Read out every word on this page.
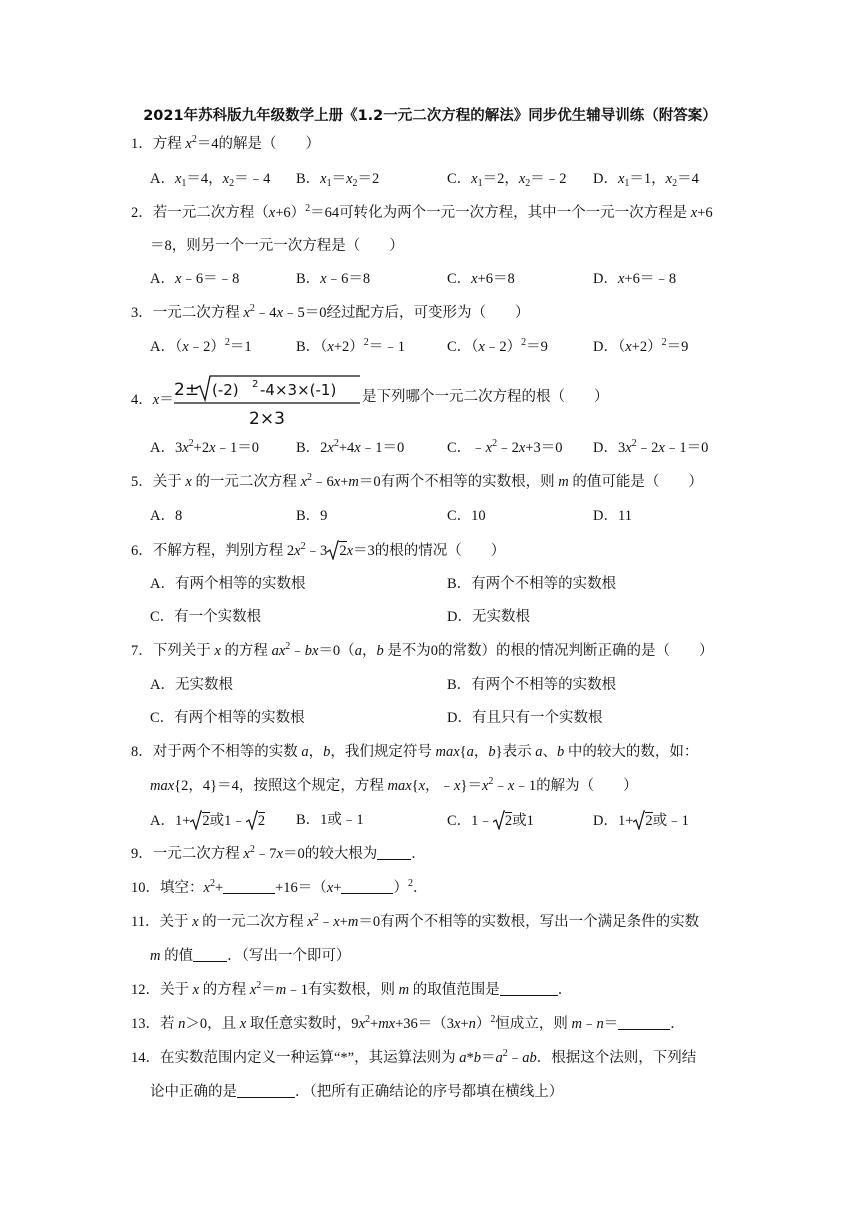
2021年苏科版九年级数学上册《1.2一元二次方程的解法》同步优生辅导训练（附答案）
1．方程 $x^2=4$的解是（　　）
A．$x_1=4$，$x_2=﹣4$ B．$x_1=x_2=2$	C．$x_1=2$，$x_2=﹣2$ D．$x_1=1$，$x_2=4$
2．若一元二次方程$(x+6)^2=64$可转化为两个一元一次方程，其中一个一元一次方程是 x+6
＝8，则另一个一元一次方程是（　　）
A．x﹣6＝﹣8	B．x﹣6＝8	C．x+6＝8	D．x+6＝﹣8
3．一元二次方程 $x^2﹣4x﹣5=0$经过配方后，可变形为（　　）
A．（x﹣2）$^2$＝1	B．$(x+2)^2=﹣1$	C．（x﹣2）$^2$＝9	D．$(x+2)^2=9$
4．x＝ 2± (-2) 2 -4×3×(-1)
2×3
是下列哪个一元二次方程的根（　　）
A．$3x^2+2x﹣1=0$	B．$2x^2+4x﹣1=0$	C．$﹣x^2﹣2x+3=0$ D．$3x^2﹣2x﹣1=0$
5．关于 x 的一元二次方程 $x^2﹣6x+m=0$有两个不相等的实数根，则 m 的值可能是（　　）
A．8	B．9	C．10	D．11
6．不解方程，判别方程 $2x^2﹣3$ 2x＝3的根的情况（　　）
A．有两个相等的实数根	B．有两个不相等的实数根
C．有一个实数根	D．无实数根
7．下列关于 x 的方程 $ax^2﹣bx=0(a$，b 是不为0的常数）的根的情况判断正确的是（　　）
A．无实数根	B．有两个不相等的实数根
C．有两个相等的实数根	D．有且只有一个实数根
8．对于两个不相等的实数 a，b，我们规定符号 max{a，b}表示 a、b 中的较大的数，如：
max{2，4}＝4，按照这个规定，方程 max{x，$﹣x\}=x^2﹣x﹣1$的解为（　　）
A．1+ 2或1﹣ 2 B．1或﹣1	C．1﹣ 2或1	D．1+ 2或﹣1
9．一元二次方程 $x^2﹣7x=0$的较大根为 ．
10．填空：$x^2+$	+16＝（x+	）$^2$．
11．关于 x 的一元二次方程 $x^2﹣x+m=0$有两个不相等的实数根，写出一个满足条件的实数
m 的值 ．（写出一个即可）
12．关于 x 的方程 $x^2=m﹣1$有实数根，则 m 的取值范围是	．
13．若 n＞0，且 x 取任意实数时，$9x^2+mx+36=(3x+n)^2$恒成立，则 m﹣n＝	．
14．在实数范围内定义一种运算“*”，其运算法则为 $a*b=a^2﹣ab$．根据这个法则，下列结
论中正确的是	．（把所有正确结论的序号都填在横线上）
